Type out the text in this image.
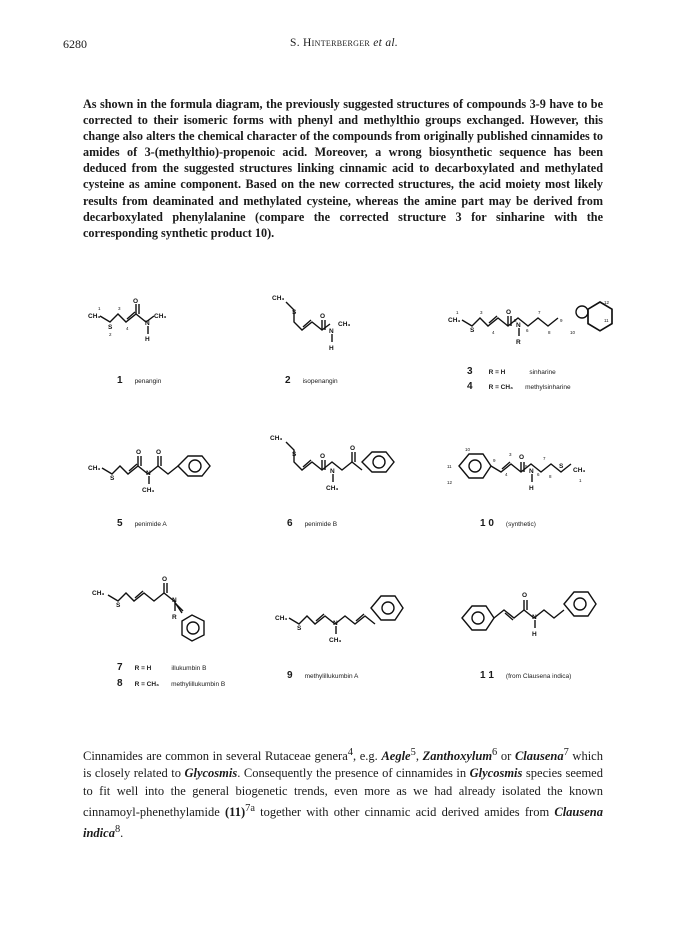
6280	S. Hinterberger et al.
As shown in the formula diagram, the previously suggested structures of compounds 3-9 have to be corrected to their isomeric forms with phenyl and methylthio groups exchanged. However, this change also alters the chemical character of the compounds from originally published cinnamides to amides of 3-(methylthio)-propenoic acid. Moreover, a wrong biosynthetic sequence has been deduced from the suggested structures linking cinnamic acid to decarboxylated and methylated cysteine as amine component. Based on the new corrected structures, the acid moiety most likely results from deaminated and methylated cysteine, whereas the amine part may be derived from decarboxylated phenylalanine (compare the corrected structure 3 for sinharine with the corresponding synthetic product 10).
CH₃
S
O
N
CH₃
H
1	3
2
4
1 penangin
CH₃
S
O
N
CH₃
H
2 isopenangin
CH₃
S
O
N
R
1	3
4
5
6
7
8
9
10
12
11
3 R = H	sinharine
4 R = CH₃ methylsinharine
CH₃
S
O O
N
CH₃
5 penimide A
CH₃
S	O
O
N
CH₃
6 penimide B
O
N
H
S
CH₃
10
11
12
9
4
3
5
6
7
8
1
1 0 (synthetic)
CH₃
S
O
N
R
7 R = H	illukumbin B
8 R = CH₃ methylillukumbin B
CH₃
S
N
CH₃
9 methylillukumbin A
O
N
H
1 1 (from Clausena indica)
Cinnamides are common in several Rutaceae genera$^4$, e.g. Aegle$^5$, Zanthoxylum$^6$ or Clausena$^7$ which is closely related to Glycosmis. Consequently the presence of cinnamides in Glycosmis species seemed to fit well into the general biogenetic trends, even more as we had already isolated the known cinnamoyl-phenethylamide $(11)^{7a}$ together with other cinnamic acid derived amides from Clausena indica$^8$.
